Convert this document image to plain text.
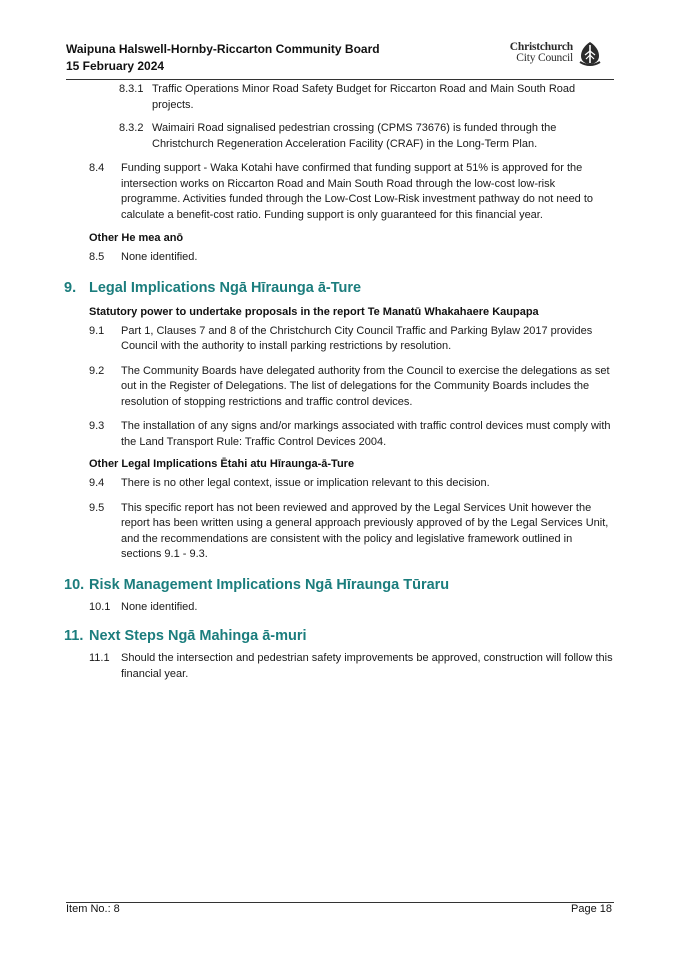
Waipuna Halswell-Hornby-Riccarton Community Board
15 February 2024
Christchurch
City Council
8.3.1 Traffic Operations Minor Road Safety Budget for Riccarton Road and Main South Road projects.
8.3.2 Waimairi Road signalised pedestrian crossing (CPMS 73676) is funded through the Christchurch Regeneration Acceleration Facility (CRAF) in the Long-Term Plan.
8.4 Funding support - Waka Kotahi have confirmed that funding support at 51% is approved for the intersection works on Riccarton Road and Main South Road through the low-cost low-risk programme. Activities funded through the Low-Cost Low-Risk investment pathway do not need to calculate a benefit-cost ratio. Funding support is only guaranteed for this financial year.
Other He mea anō
8.5 None identified.
9. Legal Implications Ngā Hīraunga ā-Ture
Statutory power to undertake proposals in the report Te Manatū Whakahaere Kaupapa
9.1 Part 1, Clauses 7 and 8 of the Christchurch City Council Traffic and Parking Bylaw 2017 provides Council with the authority to install parking restrictions by resolution.
9.2 The Community Boards have delegated authority from the Council to exercise the delegations as set out in the Register of Delegations. The list of delegations for the Community Boards includes the resolution of stopping restrictions and traffic control devices.
9.3 The installation of any signs and/or markings associated with traffic control devices must comply with the Land Transport Rule: Traffic Control Devices 2004.
Other Legal Implications Ētahi atu Hīraunga-ā-Ture
9.4 There is no other legal context, issue or implication relevant to this decision.
9.5 This specific report has not been reviewed and approved by the Legal Services Unit however the report has been written using a general approach previously approved of by the Legal Services Unit, and the recommendations are consistent with the policy and legislative framework outlined in sections 9.1 - 9.3.
10. Risk Management Implications Ngā Hīraunga Tūraru
10.1 None identified.
11. Next Steps Ngā Mahinga ā-muri
11.1 Should the intersection and pedestrian safety improvements be approved, construction will follow this financial year.
Item No.: 8	Page 18
